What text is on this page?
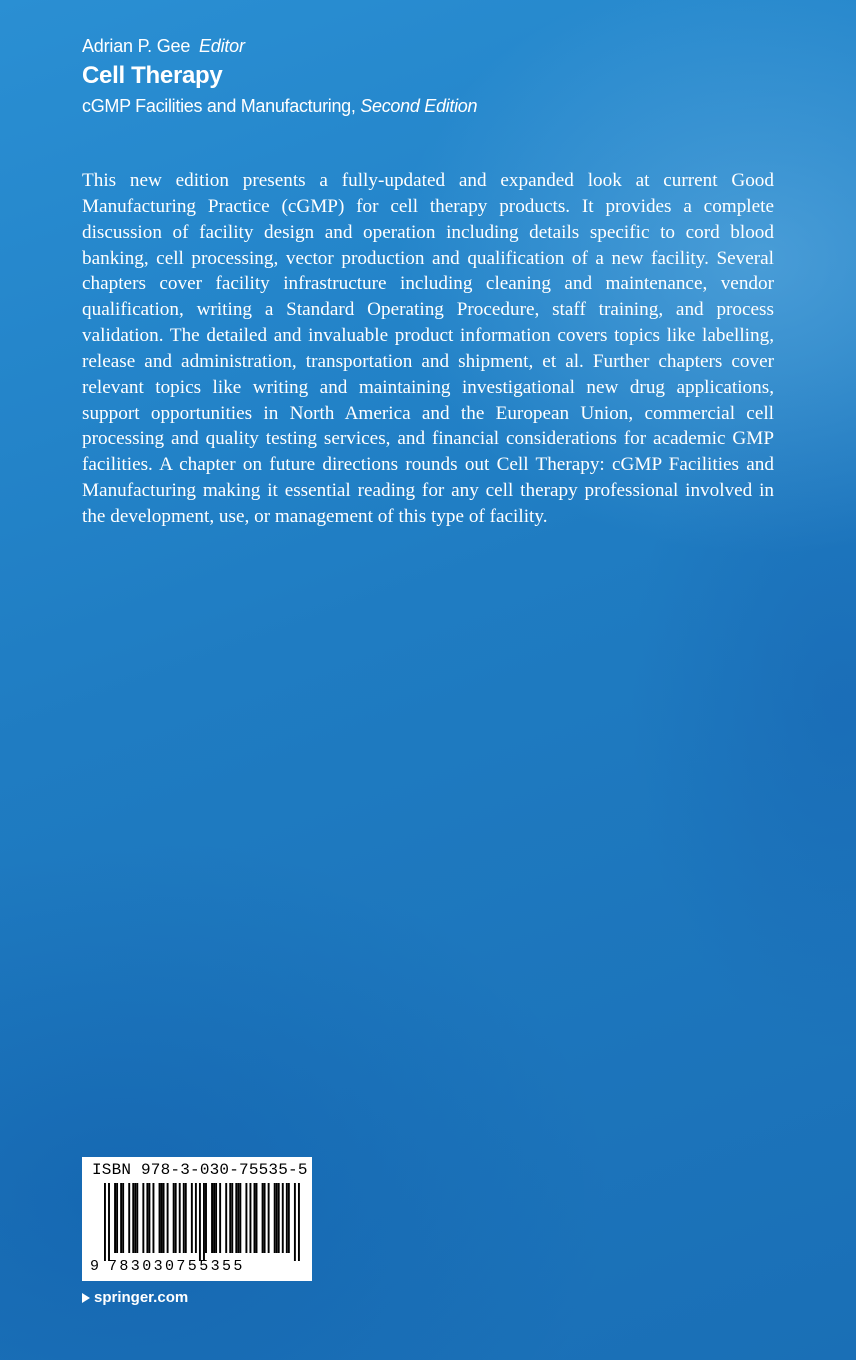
Adrian P. Gee Editor
Cell Therapy
cGMP Facilities and Manufacturing, Second Edition

This new edition presents a fully-updated and expanded look at current Good Manufacturing Practice (cGMP) for cell therapy products. It provides a complete discussion of facility design and operation including details specific to cord blood banking, cell processing, vector production and qualification of a new facility. Several chapters cover facility infrastructure including cleaning and maintenance, vendor qualification, writing a Standard Operating Procedure, staff training, and process validation. The detailed and invaluable product information covers topics like labelling, release and administration, transportation and shipment, et al. Further chapters cover relevant topics like writing and maintaining investigational new drug applications, support opportunities in North America and the European Union, commercial cell processing and quality testing services, and financial considerations for academic GMP facilities. A chapter on future directions rounds out Cell Therapy: cGMP Facilities and Manufacturing making it essential reading for any cell therapy professional involved in the development, use, or management of this type of facility.

ISBN 978-3-030-75535-5
9 783030755355
springer.com
